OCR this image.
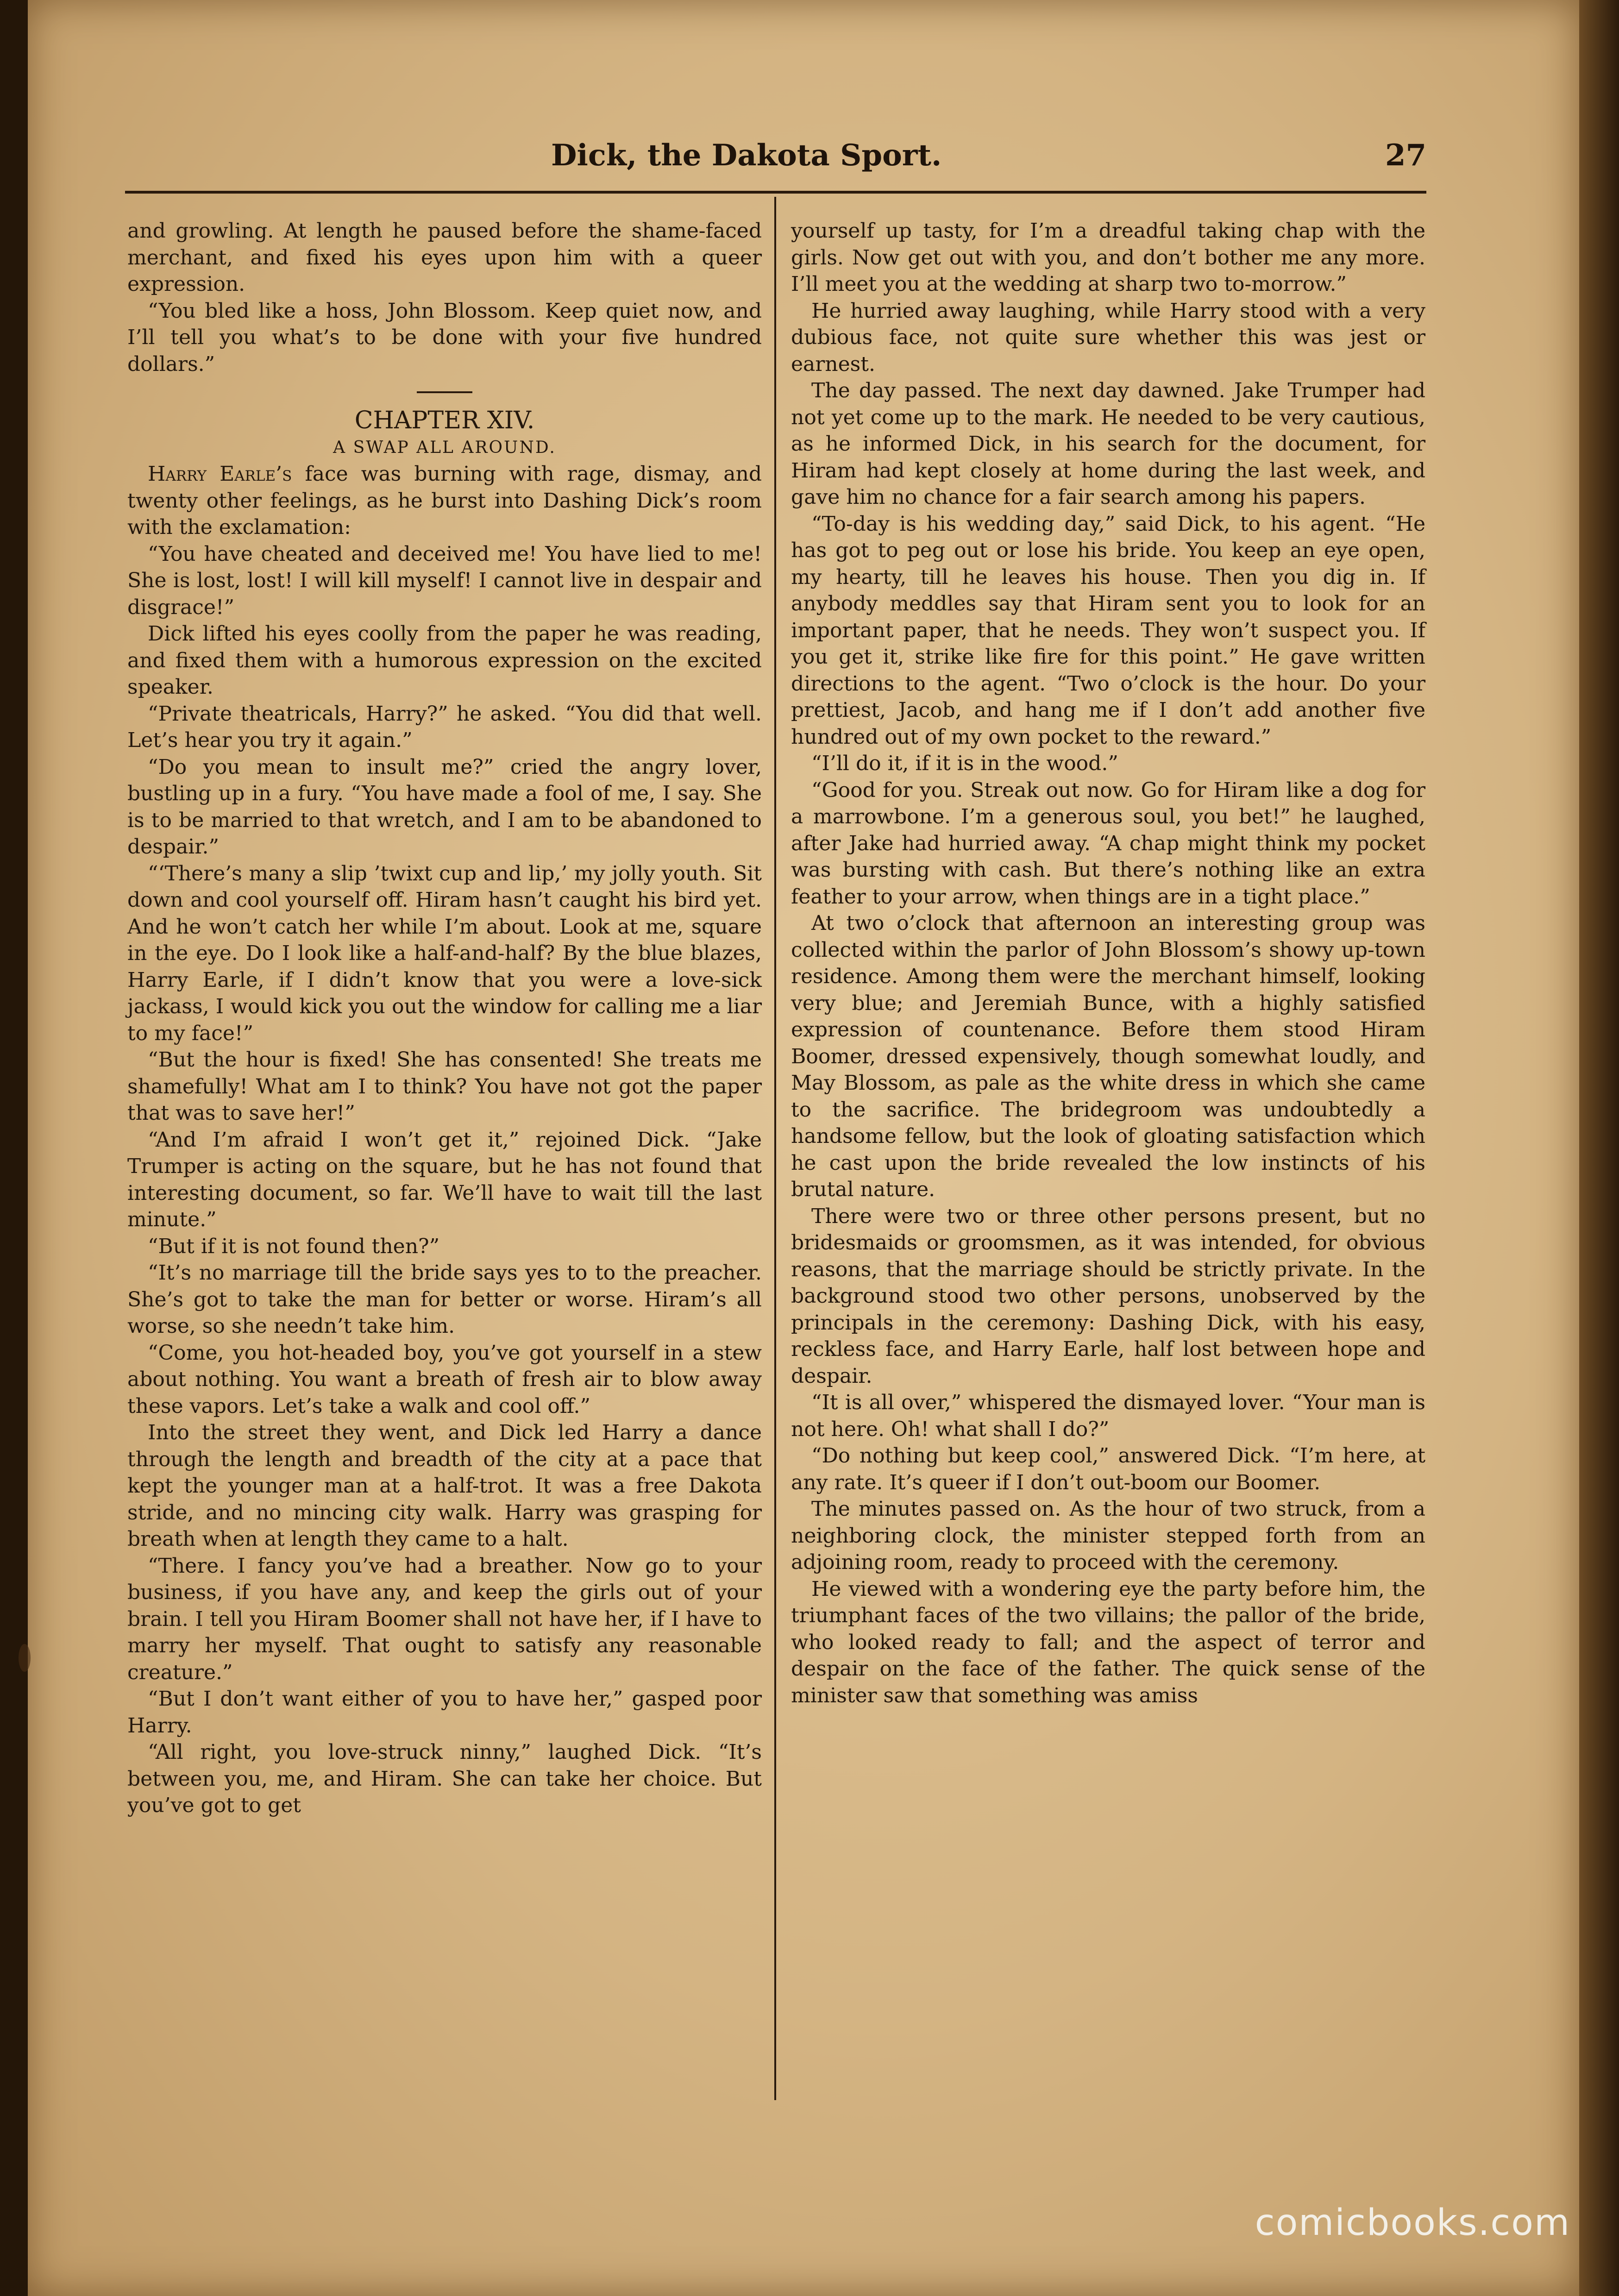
Dick, the Dakota Sport.	27

and growling. At length he paused before the shame-faced merchant, and fixed his eyes upon him with a queer expression.

“You bled like a hoss, John Blossom. Keep quiet now, and I’ll tell you what’s to be done with your five hundred dollars.”

CHAPTER XIV.

A SWAP ALL AROUND.

Harry Earle’s face was burning with rage, dismay, and twenty other feelings, as he burst into Dashing Dick’s room with the exclamation:

“You have cheated and deceived me! You have lied to me! She is lost, lost! I will kill myself! I cannot live in despair and disgrace!”

Dick lifted his eyes coolly from the paper he was reading, and fixed them with a humorous expression on the excited speaker.

“Private theatricals, Harry?” he asked. “You did that well. Let’s hear you try it again.”

“Do you mean to insult me?” cried the angry lover, bustling up in a fury. “You have made a fool of me, I say. She is to be married to that wretch, and I am to be abandoned to despair.”

“‘There’s many a slip ’twixt cup and lip,’ my jolly youth. Sit down and cool yourself off. Hiram hasn’t caught his bird yet. And he won’t catch her while I’m about. Look at me, square in the eye. Do I look like a half-and-half? By the blue blazes, Harry Earle, if I didn’t know that you were a love-sick jackass, I would kick you out the window for calling me a liar to my face!”

“But the hour is fixed! She has consented! She treats me shamefully! What am I to think? You have not got the paper that was to save her!”

“And I’m afraid I won’t get it,” rejoined Dick. “Jake Trumper is acting on the square, but he has not found that interesting document, so far. We’ll have to wait till the last minute.”

“But if it is not found then?”

“It’s no marriage till the bride says yes to to the preacher. She’s got to take the man for better or worse. Hiram’s all worse, so she needn’t take him.

“Come, you hot-headed boy, you’ve got yourself in a stew about nothing. You want a breath of fresh air to blow away these vapors. Let’s take a walk and cool off.”

Into the street they went, and Dick led Harry a dance through the length and breadth of the city at a pace that kept the younger man at a half-trot. It was a free Dakota stride, and no mincing city walk. Harry was grasping for breath when at length they came to a halt.

“There. I fancy you’ve had a breather. Now go to your business, if you have any, and keep the girls out of your brain. I tell you Hiram Boomer shall not have her, if I have to marry her myself. That ought to satisfy any reasonable creature.”

“But I don’t want either of you to have her,” gasped poor Harry.

“All right, you love-struck ninny,” laughed Dick. “It’s between you, me, and Hiram. She can take her choice. But you’ve got to get

yourself up tasty, for I’m a dreadful taking chap with the girls. Now get out with you, and don’t bother me any more. I’ll meet you at the wedding at sharp two to-morrow.”

He hurried away laughing, while Harry stood with a very dubious face, not quite sure whether this was jest or earnest.

The day passed. The next day dawned. Jake Trumper had not yet come up to the mark. He needed to be very cautious, as he informed Dick, in his search for the document, for Hiram had kept closely at home during the last week, and gave him no chance for a fair search among his papers.

“To-day is his wedding day,” said Dick, to his agent. “He has got to peg out or lose his bride. You keep an eye open, my hearty, till he leaves his house. Then you dig in. If anybody meddles say that Hiram sent you to look for an important paper, that he needs. They won’t suspect you. If you get it, strike like fire for this point.” He gave written directions to the agent. “Two o’clock is the hour. Do your prettiest, Jacob, and hang me if I don’t add another five hundred out of my own pocket to the reward.”

“I’ll do it, if it is in the wood.”

“Good for you. Streak out now. Go for Hiram like a dog for a marrowbone. I’m a generous soul, you bet!” he laughed, after Jake had hurried away. “A chap might think my pocket was bursting with cash. But there’s nothing like an extra feather to your arrow, when things are in a tight place.”

At two o’clock that afternoon an interesting group was collected within the parlor of John Blossom’s showy up-town residence. Among them were the merchant himself, looking very blue; and Jeremiah Bunce, with a highly satisfied expression of countenance. Before them stood Hiram Boomer, dressed expensively, though somewhat loudly, and May Blossom, as pale as the white dress in which she came to the sacrifice. The bridegroom was undoubtedly a handsome fellow, but the look of gloating satisfaction which he cast upon the bride revealed the low instincts of his brutal nature.

There were two or three other persons present, but no bridesmaids or groomsmen, as it was intended, for obvious reasons, that the marriage should be strictly private. In the background stood two other persons, unobserved by the principals in the ceremony: Dashing Dick, with his easy, reckless face, and Harry Earle, half lost between hope and despair.

“It is all over,” whispered the dismayed lover. “Your man is not here. Oh! what shall I do?”

“Do nothing but keep cool,” answered Dick. “I’m here, at any rate. It’s queer if I don’t out-boom our Boomer.

The minutes passed on. As the hour of two struck, from a neighboring clock, the minister stepped forth from an adjoining room, ready to proceed with the ceremony.

He viewed with a wondering eye the party before him, the triumphant faces of the two villains; the pallor of the bride, who looked ready to fall; and the aspect of terror and despair on the face of the father. The quick sense of the minister saw that something was amiss

comicbooks.com
